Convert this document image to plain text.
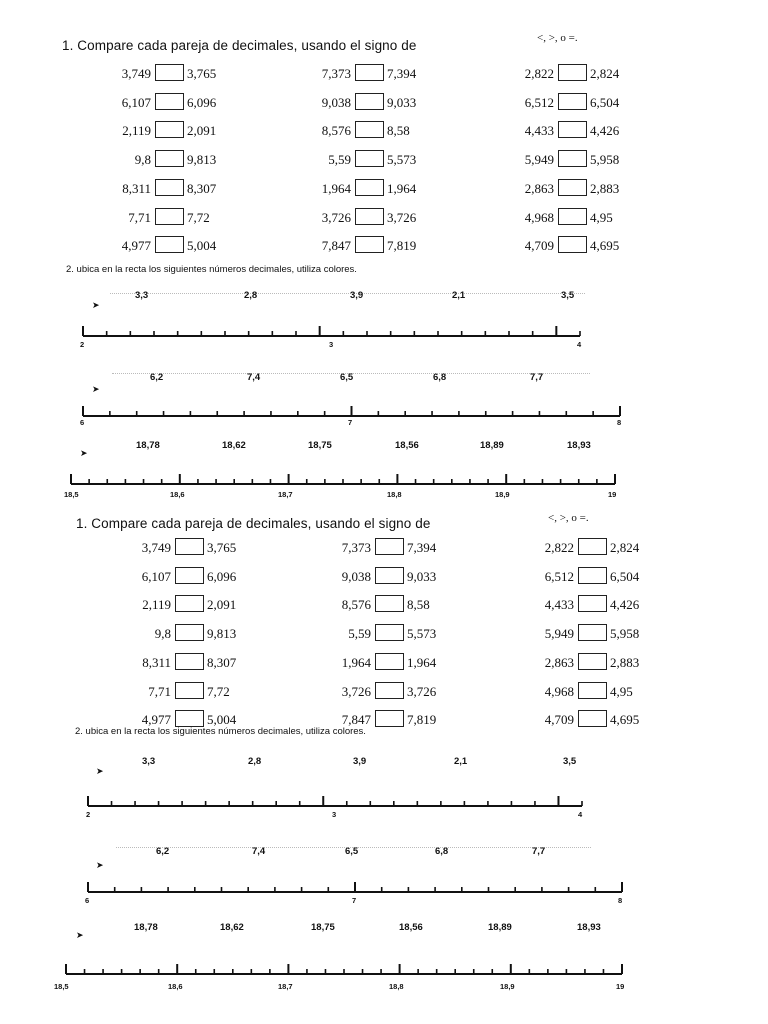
1. Compare cada pareja de decimales, usando el signo de	<, >, o =.
3,749	3,765	7,373	7,394	2,822	2,824
6,107	6,096	9,038	9,033	6,512	6,504
2,119	2,091	8,576	8,58	4,433	4,426
9,8	9,813	5,59	5,573	5,949	5,958
8,311	8,307	1,964	1,964	2,863	2,883
7,71	7,72	3,726	3,726	4,968	4,95
4,977	5,004	7,847	7,819	4,709	4,695
2. ubica en la recta los siguientes números decimales, utiliza colores.
3,3	2,8	3,9	2,1	3,5
➤
2	3	4
6,2	7,4	6,5	6,8	7,7
➤
6	7	8
18,78	18,62	18,75	18,56	18,89	18,93
➤
18,5	18,6	18,7	18,8	18,9	19
1. Compare cada pareja de decimales, usando el signo de	<, >, o =.
3,749	3,765	7,373	7,394	2,822	2,824
6,107	6,096	9,038	9,033	6,512	6,504
2,119	2,091	8,576	8,58	4,433	4,426
9,8	9,813	5,59	5,573	5,949	5,958
8,311	8,307	1,964	1,964	2,863	2,883
7,71	7,72	3,726	3,726	4,968	4,95
4,977	5,004	7,847	7,819	4,709	4,695
2. ubica en la recta los siguientes números decimales, utiliza colores.
3,3	2,8	3,9	2,1	3,5
➤
2	3	4
6,2	7,4	6,5	6,8	7,7
➤
6	7	8
18,78	18,62	18,75	18,56	18,89	18,93
➤
18,5	18,6	18,7	18,8	18,9	19
